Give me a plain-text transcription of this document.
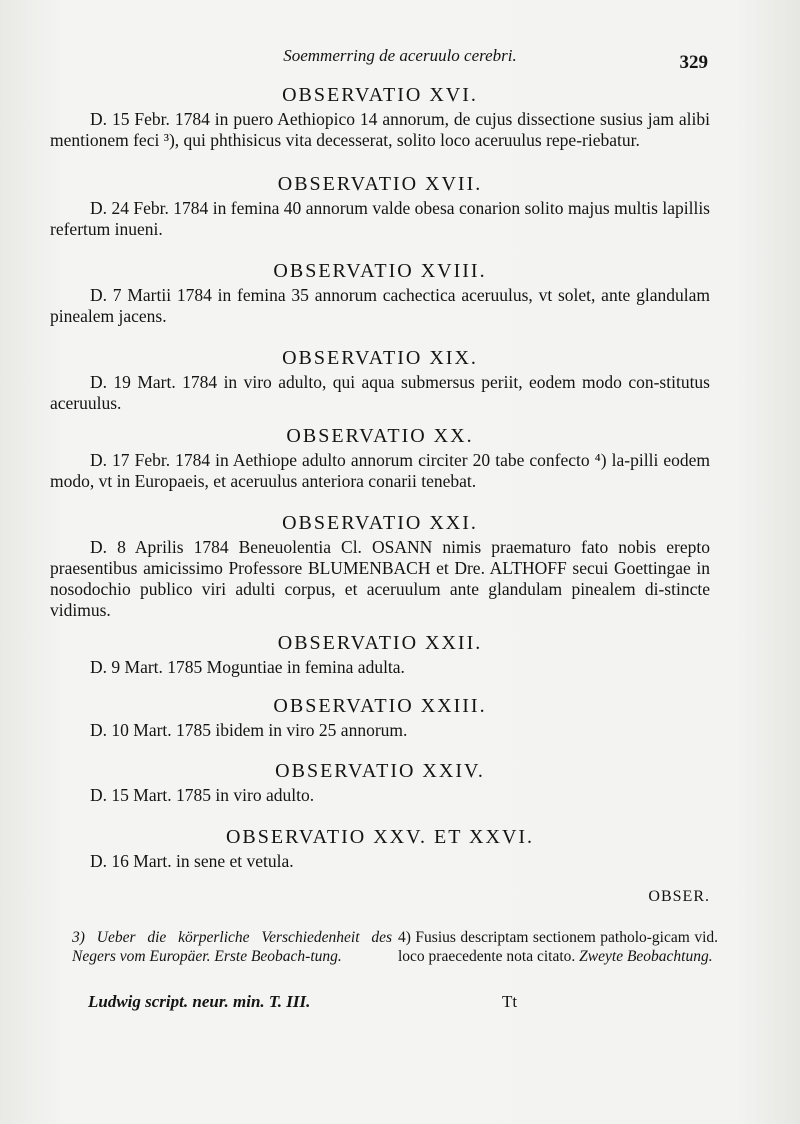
Soemmerring de aceruulo cerebri.	329
OBSERVATIO XVI.

D. 15 Febr. 1784 in puero Aethiopico 14 annorum, de cujus dissectione susius jam alibi mentionem feci ³), qui phthisicus vita decesserat, solito loco aceruulus repe-riebatur.

OBSERVATIO XVII.

D. 24 Febr. 1784 in femina 40 annorum valde obesa conarion solito majus multis lapillis refertum inueni.

OBSERVATIO XVIII.

D. 7 Martii 1784 in femina 35 annorum cachectica aceruulus, vt solet, ante glandulam pinealem jacens.

OBSERVATIO XIX.

D. 19 Mart. 1784 in viro adulto, qui aqua submersus periit, eodem modo con-stitutus aceruulus.

OBSERVATIO XX.

D. 17 Febr. 1784 in Aethiope adulto annorum circiter 20 tabe confecto ⁴) la-pilli eodem modo, vt in Europaeis, et aceruulus anteriora conarii tenebat.

OBSERVATIO XXI.

D. 8 Aprilis 1784 Beneuolentia Cl. OSANN nimis praematuro fato nobis erepto praesentibus amicissimo Professore BLUMENBACH et Dre. ALTHOFF secui Goettingae in nosodochio publico viri adulti corpus, et aceruulum ante glandulam pinealem di-stincte vidimus.

OBSERVATIO XXII.

D. 9 Mart. 1785 Moguntiae in femina adulta.

OBSERVATIO XXIII.

D. 10 Mart. 1785 ibidem in viro 25 annorum.

OBSERVATIO XXIV.

D. 15 Mart. 1785 in viro adulto.

OBSERVATIO XXV. ET XXVI.

D. 16 Mart. in sene et vetula.

OBSER.
3) Ueber die körperliche Verschiedenheit des Negers vom Europäer. Erste Beobach-tung.
4) Fusius descriptam sectionem patholo-gicam vid. loco praecedente nota citato. Zweyte Beobachtung.
Ludwig script. neur. min. T. III.	Tt
